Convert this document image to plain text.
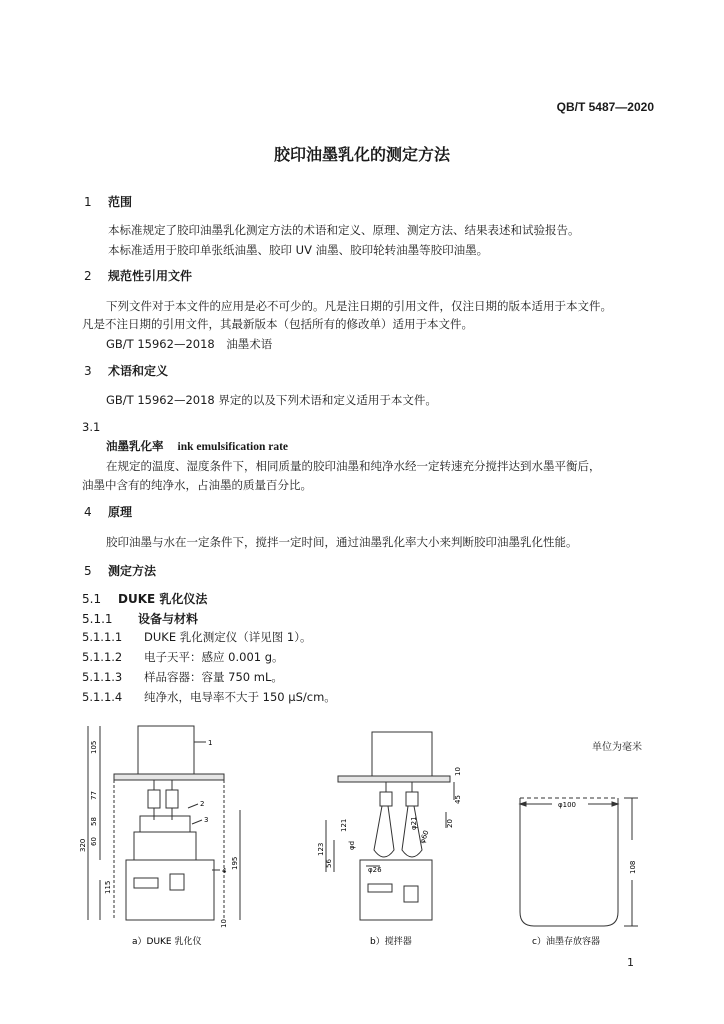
QB/T 5487—2020
胶印油墨乳化的测定方法
1 范围
本标准规定了胶印油墨乳化测定方法的术语和定义、原理、测定方法、结果表述和试验报告。
本标准适用于胶印单张纸油墨、胶印 UV 油墨、胶印轮转油墨等胶印油墨。
2 规范性引用文件
下列文件对于本文件的应用是必不可少的。凡是注日期的引用文件，仅注日期的版本适用于本文件。
凡是不注日期的引用文件，其最新版本（包括所有的修改单）适用于本文件。
GB/T 15962—2018　油墨术语
3 术语和定义
GB/T 15962—2018 界定的以及下列术语和定义适用于本文件。
3.1
油墨乳化率 ink emulsification rate
在规定的温度、湿度条件下，相同质量的胶印油墨和纯净水经一定转速充分搅拌达到水墨平衡后，
油墨中含有的纯净水，占油墨的质量百分比。
4 原理
胶印油墨与水在一定条件下，搅拌一定时间，通过油墨乳化率大小来判断胶印油墨乳化性能。
5 测定方法
5.1 DUKE 乳化仪法
5.1.1 设备与材料
5.1.1.1 DUKE 乳化测定仪（详见图 1）。
5.1.1.2 电子天平：感应 0.001 g。
5.1.1.3 样品容器：容量 750 mL。
5.1.1.4 纯净水，电导率不大于 150 μS/cm。
单位为毫米
105
77
58
60
320
115
195
10
1
2
3
4
a）DUKE 乳化仪
10
45
20
123
56
121
φ26
φ21
φ60
φd
b）搅拌器
φ100
108
c）油墨存放容器
1
